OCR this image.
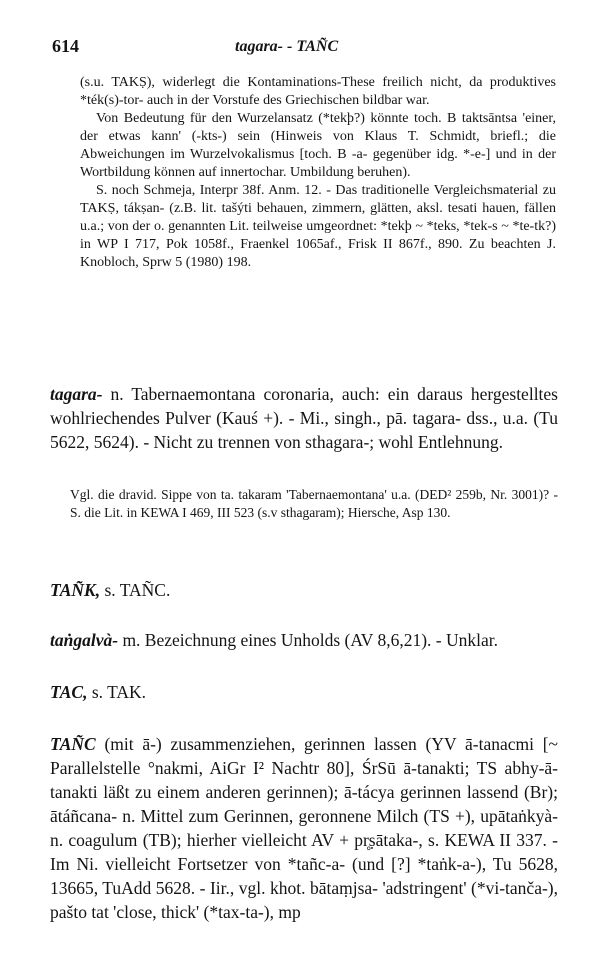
614	tagara- - TAÑC

(s.u. TAKṢ), widerlegt die Kontaminations-These freilich nicht, da produktives *ték(s)-tor- auch in der Vorstufe des Griechischen bildbar war.

Von Bedeutung für den Wurzelansatz (*tekþ?) könnte toch. B taktsāntsa 'einer, der etwas kann' (-kts-) sein (Hinweis von Klaus T. Schmidt, briefl.; die Abweichungen im Wurzelvokalismus [toch. B -a- gegenüber idg. *-e-] und in der Wortbildung können auf innertochar. Umbildung beruhen).

S. noch Schmeja, Interpr 38f. Anm. 12. - Das traditionelle Vergleichsmaterial zu TAKṢ, tákṣan- (z.B. lit. tašýti behauen, zimmern, glätten, aksl. tesati hauen, fällen u.a.; von der o. genannten Lit. teilweise umgeordnet: *tekþ ~ *teks, *tek-s ~ *te-tk?) in WP I 717, Pok 1058f., Fraenkel 1065af., Frisk II 867f., 890. Zu beachten J. Knobloch, Sprw 5 (1980) 198.

tagara- n. Tabernaemontana coronaria, auch: ein daraus hergestelltes wohlriechendes Pulver (Kauś +). - Mi., singh., pā. tagara- dss., u.a. (Tu 5622, 5624). - Nicht zu trennen von sthagara-; wohl Entlehnung.

Vgl. die dravid. Sippe von ta. takaram 'Tabernaemontana' u.a. (DED² 259b, Nr. 3001)? - S. die Lit. in KEWA I 469, III 523 (s.v sthagaram); Hiersche, Asp 130.

TAÑK, s. TAÑC.

taṅgalvà- m. Bezeichnung eines Unholds (AV 8,6,21). - Unklar.

TAC, s. TAK.

TAÑC (mit ā-) zusammenziehen, gerinnen lassen (YV ā-tanacmi [~ Parallelstelle °nakmi, AiGr I² Nachtr 80], ŚrSū ā-tanakti; TS abhy-ā-tanakti läßt zu einem anderen gerinnen); ā-tácya gerinnen lassend (Br); ātáñcana- n. Mittel zum Gerinnen, geronnene Milch (TS +), upātaṅkyà- n. coagulum (TB); hierher vielleicht AV + pr̥ṣātaka-, s. KEWA II 337. - Im Ni. vielleicht Fortsetzer von *tañc-a- (und [?] *taṅk-a-), Tu 5628, 13665, TuAdd 5628. - Iir., vgl. khot. bātaṃjsa- 'adstringent' (*vi-tanča-), pašto tat 'close, thick' (*tax-ta-), mp
